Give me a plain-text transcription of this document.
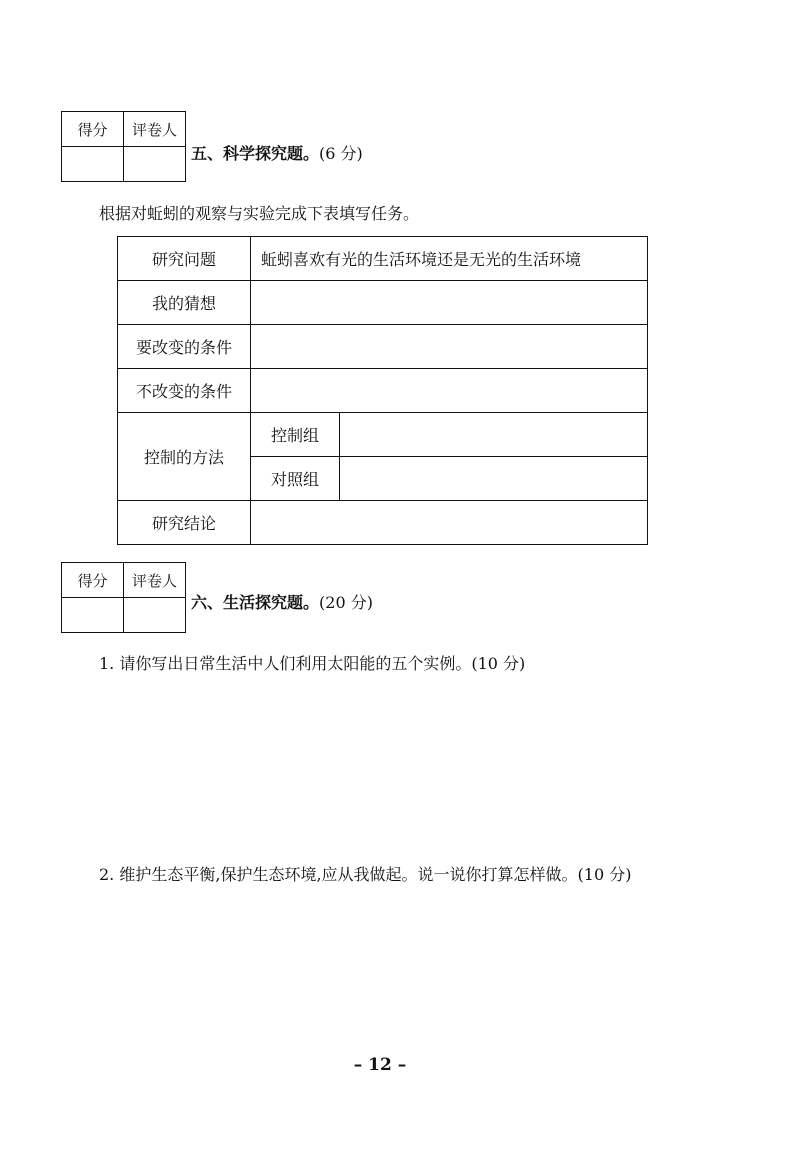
得分	评卷人

五、科学探究题。(6 分)
根据对蚯蚓的观察与实验完成下表填写任务。
研究问题	蚯蚓喜欢有光的生活环境还是无光的生活环境	
我的猜想		
要改变的条件		
不改变的条件		
控制的方法	控制组	
	对照组	
研究结论		
得分	评卷人

六、生活探究题。(20 分)
1. 请你写出日常生活中人们利用太阳能的五个实例。(10 分)
2. 维护生态平衡,保护生态环境,应从我做起。说一说你打算怎样做。(10 分)
– 12 –
